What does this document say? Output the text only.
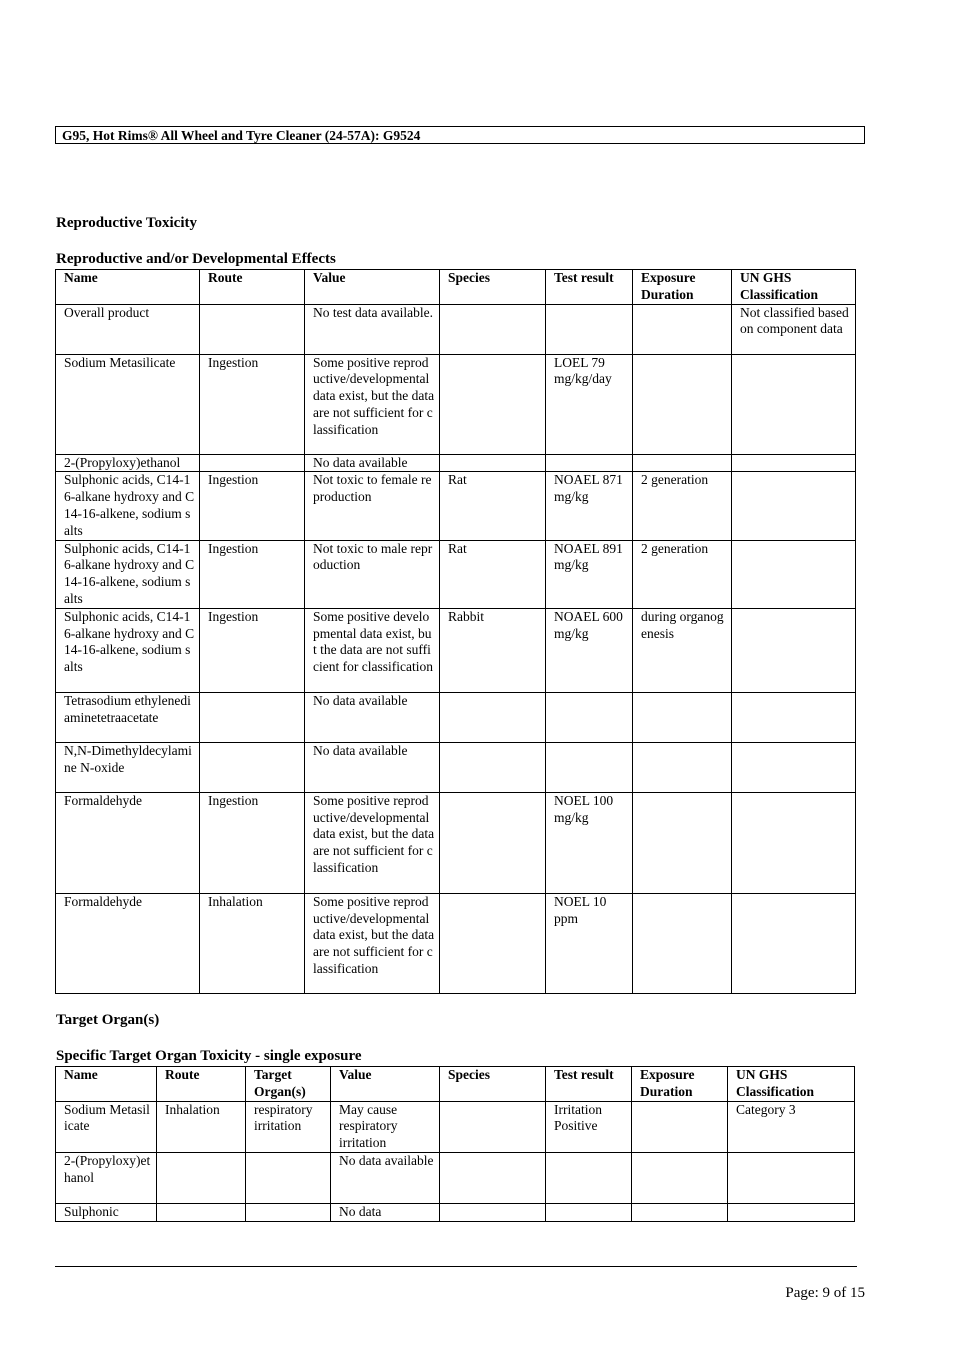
G95, Hot Rims® All Wheel and Tyre Cleaner (24-57A): G9524
Reproductive Toxicity
Reproductive and/or Developmental Effects
Name	Route	Value	Species	Test result	Exposure Duration	UN GHS Classification
Overall product		No test data available.				Not classified based on component data
Sodium Metasilicate	Ingestion	Some positive reproductive/developmental data exist, but the data are not sufficient for classification		LOEL 79 mg/kg/day		
2-(Propyloxy)ethanol		No data available				
Sulphonic acids, C14-16-alkane hydroxy and C14-16-alkene, sodium salts	Ingestion	Not toxic to female reproduction	Rat	NOAEL 871 mg/kg	2 generation	
Sulphonic acids, C14-16-alkane hydroxy and C14-16-alkene, sodium salts	Ingestion	Not toxic to male reproduction	Rat	NOAEL 891 mg/kg	2 generation	
Sulphonic acids, C14-16-alkane hydroxy and C14-16-alkene, sodium salts	Ingestion	Some positive developmental data exist, but the data are not sufficient for classification	Rabbit	NOAEL 600 mg/kg	during organogenesis	
Tetrasodium ethylenediaminetetraacetate		No data available				
N,N-Dimethyldecylamine N-oxide		No data available				
Formaldehyde	Ingestion	Some positive reproductive/developmental data exist, but the data are not sufficient for classification		NOEL 100 mg/kg		
Formaldehyde	Inhalation	Some positive reproductive/developmental data exist, but the data are not sufficient for classification		NOEL 10 ppm		
Target Organ(s)
Specific Target Organ Toxicity - single exposure
Name	Route	Target Organ(s)	Value	Species	Test result	Exposure Duration	UN GHS Classification
Sodium Metasilicate	Inhalation	respiratory irritation	May cause respiratory irritation		Irritation Positive		Category 3
2-(Propyloxy)ethanol			No data available				
Sulphonic			No data				
Page: 9 of 15
